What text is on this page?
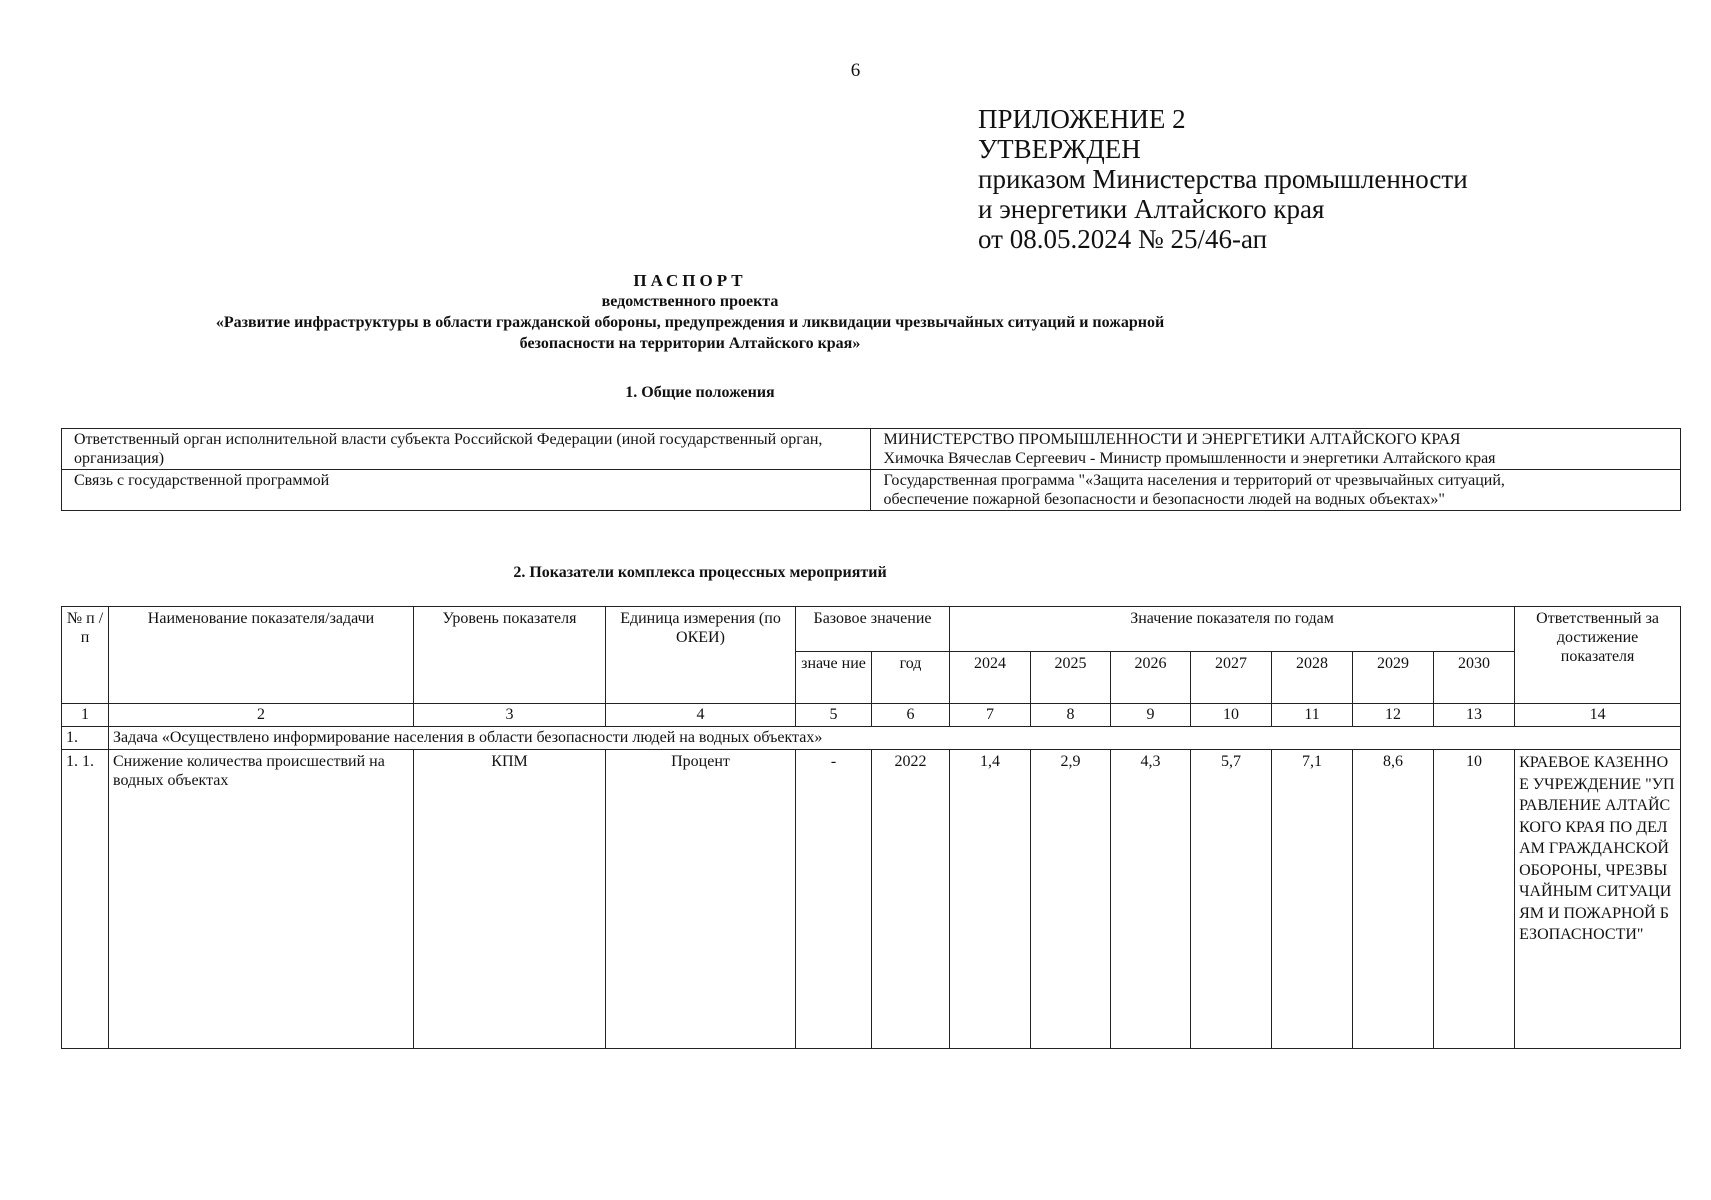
6
ПРИЛОЖЕНИЕ 2
УТВЕРЖДЕН
приказом Министерства промышленности
и энергетики Алтайского края
от 08.05.2024 № 25/46-ап
ПАСПОРТ
ведомственного проекта
«Развитие инфраструктуры в области гражданской обороны, предупреждения и ликвидации чрезвычайных ситуаций и пожарной
безопасности на территории Алтайского края»
1. Общие положения
Ответственный орган исполнительной власти субъекта Российской Федерации (иной государственный орган, организация)	МИНИСТЕРСТВО ПРОМЫШЛЕННОСТИ И ЭНЕРГЕТИКИ АЛТАЙСКОГО КРАЯ
Химочка Вячеслав Сергеевич - Министр промышленности и энергетики Алтайского края

Связь с государственной программой	Государственная программа "«Защита населения и территорий от чрезвычайных ситуаций,
обеспечение пожарной безопасности и безопасности людей на водных объектах»"
2. Показатели комплекса процессных мероприятий
№ п / п	Наименование показателя/задачи	Уровень показателя	Единица измерения (по ОКЕИ)	Базовое значение		Значение показателя по годам							Ответственный за достижение показателя
				значе ние	год	2024	2025	2026	2027	2028	2029	2030	
1	2	3	4	5	6	7	8	9	10	11	12	13	14
1.	Задача «Осуществлено информирование населения в области безопасности людей на водных объектах»												
1. 1.	Снижение количества происшествий на водных объектах	КПМ	Процент	-	2022	1,4	2,9	4,3	5,7	7,1	8,6	10	КРАЕВОЕ КАЗЕННОЕ УЧРЕЖДЕНИЕ "УПРАВЛЕНИЕ АЛТАЙСКОГО КРАЯ ПО ДЕЛАМ ГРАЖДАНСКОЙ ОБОРОНЫ, ЧРЕЗВЫЧАЙНЫМ СИТУАЦИЯМ И ПОЖАРНОЙ БЕЗОПАСНОСТИ"
